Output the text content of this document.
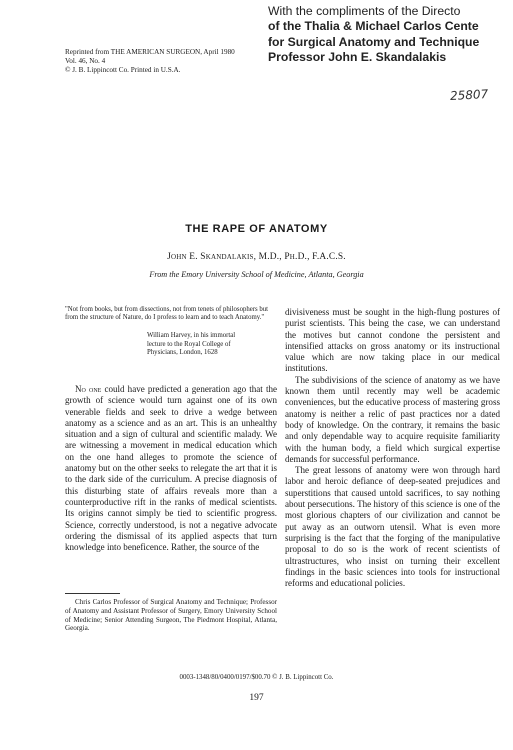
Reprinted from THE AMERICAN SURGEON, April 1980
Vol. 46, No. 4
© J. B. Lippincott Co. Printed in U.S.A.
With the compliments of the Directo
of the Thalia & Michael Carlos Cente
for Surgical Anatomy and Technique
Professor John E. Skandalakis
25807
THE RAPE OF ANATOMY
John E. Skandalakis, M.D., Ph.D., F.A.C.S.
From the Emory University School of Medicine, Atlanta, Georgia
"Not from books, but from dissections, not from tenets of philosophers but from the structure of Nature, do I profess to learn and to teach Anatomy."
William Harvey, in his immortal
lecture to the Royal College of
Physicians, London, 1628

No one could have predicted a generation ago that the growth of science would turn against one of its own venerable fields and seek to drive a wedge between anatomy as a science and as an art. This is an unhealthy situation and a sign of cultural and scientific malady. We are witnessing a movement in medical education which on the one hand alleges to promote the science of anatomy but on the other seeks to relegate the art that it is to the dark side of the curriculum. A precise diagnosis of this disturbing state of affairs reveals more than a counterproductive rift in the ranks of medical scientists. Its origins cannot simply be tied to scientific progress. Science, correctly understood, is not a negative advocate ordering the dismissal of its applied aspects that turn knowledge into beneficence. Rather, the source of the

divisiveness must be sought in the high-flung postures of purist scientists. This being the case, we can understand the motives but cannot condone the persistent and intensified attacks on gross anatomy or its instructional value which are now taking place in our medical institutions.

The subdivisions of the science of anatomy as we have known them until recently may well be academic conveniences, but the educative process of mastering gross anatomy is neither a relic of past practices nor a dated body of knowledge. On the contrary, it remains the basic and only dependable way to acquire requisite familiarity with the human body, a field which surgical expertise demands for successful performance.

The great lessons of anatomy were won through hard labor and heroic defiance of deep-seated prejudices and superstitions that caused untold sacrifices, to say nothing about persecutions. The history of this science is one of the most glorious chapters of our civilization and cannot be put away as an outworn utensil. What is even more surprising is the fact that the forging of the manipulative proposal to do so is the work of recent scientists of ultrastructures, who insist on turning their excellent findings in the basic sciences into tools for instructional reforms and educational policies.

Chris Carlos Professor of Surgical Anatomy and Technique; Professor of Anatomy and Assistant Professor of Surgery, Emory University School of Medicine; Senior Attending Surgeon, The Piedmont Hospital, Atlanta, Georgia.

0003-1348/80/0400/0197/$00.70 © J. B. Lippincott Co.
197
